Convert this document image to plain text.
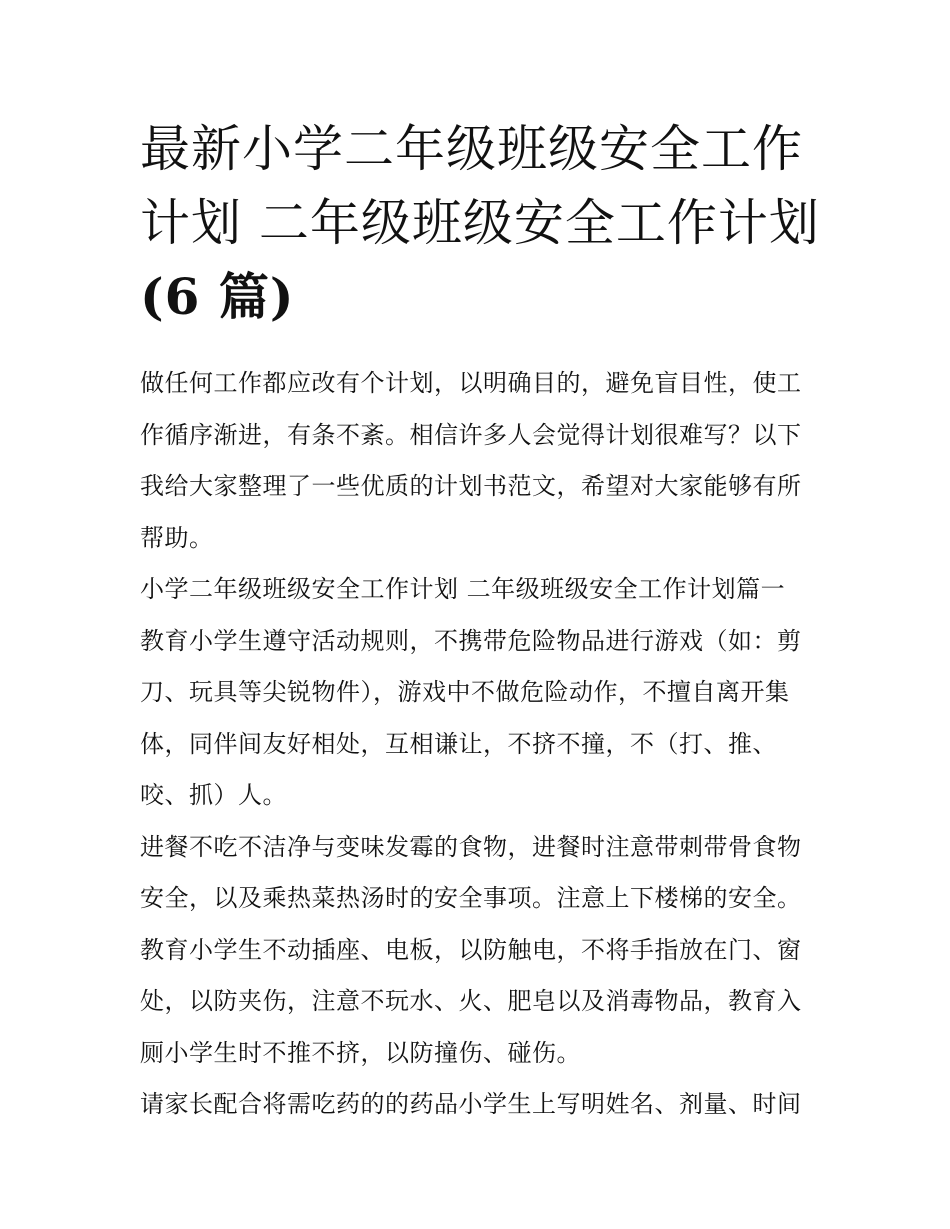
最新小学二年级班级安全工作
计划 二年级班级安全工作计划
(6 篇)
做任何工作都应改有个计划，以明确目的，避免盲目性，使工
作循序渐进，有条不紊。相信许多人会觉得计划很难写？以下
我给大家整理了一些优质的计划书范文，希望对大家能够有所
帮助。
小学二年级班级安全工作计划 二年级班级安全工作计划篇一
教育小学生遵守活动规则，不携带危险物品进行游戏（如：剪
刀、玩具等尖锐物件），游戏中不做危险动作，不擅自离开集
体，同伴间友好相处，互相谦让，不挤不撞，不（打、推、
咬、抓）人。
进餐不吃不洁净与变味发霉的食物，进餐时注意带刺带骨食物
安全，以及乘热菜热汤时的安全事项。注意上下楼梯的安全。
教育小学生不动插座、电板，以防触电，不将手指放在门、窗
处，以防夹伤，注意不玩水、火、肥皂以及消毒物品，教育入
厕小学生时不推不挤，以防撞伤、碰伤。
请家长配合将需吃药的的药品小学生上写明姓名、剂量、时间
